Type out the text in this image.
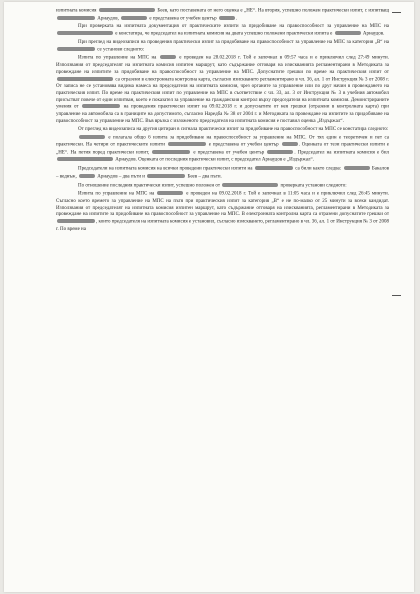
изпитната комисия	Беев, като поставената от него оценка е „НЕ“. На втория, успешно положен практически изпит, с изпитващ  Арнаудов,	е представена от учебен център	.

При проверката на изпитната документация от практическите изпити за придобиване на правоспособност за управление на МПС на  е констатира, че председател на изпитната комисия на двата успешно положени практически изпита е	Арнаудов.

При преглед на видеозапися на проведения практически изпит за придобиване на правоспособност за управление на МПС за категория „В“ на  се установи следното:

Изпита по управление на МПС на	е проведен на 28.02.2018 г. Той е започнал в 09:57 часа и е приключил след 27:49 минути. Използвания от председателят на изпитната комисия изпитен маршрут, като съдържание отговаря на изискванията регламентирани в Методиката за провеждане на изпитите за придобиване на правоспособност за управление на МПС. Допуснатите грешки по време на практическия изпит от  са отразени в електронната контролна карта, съгласно изискването регламентирано в чл. 36, ал. 1 от Инструкция № 3 от 2008 г. От записа не се установява видима намеса на председателя на изпитната комисия, чрез органите за управление или по друг начин в провеждането на практическия изпит. По време на практическия изпит по управление на МПС в съответствие с чл. 33, ал. 3 от Инструкция № 3 в учебния автомобил присъстват повече от един изпитван, което е показател за управление на гражданския контрол върху председателя на изпитната комисия. Демонстрираните умения от	на проведения практически изпит на 09.02.2018 г. и допуснатите от нея грешки (отразени в контролната карта) при управление на автомобила са в границите на допустимото, съгласно Наредба № 38 от 2004 г. и Методиката за провеждане на изпитите за придобиване на правоспособност за управление на МПС. Във връзка с изложеното председателя на изпитната комисия е поставил оценка „Издържал“.

От преглед на видеозаписа на другия цитиран в сигнала практически изпит за придобиване на правоспособност на МПС се констатира следното:

е полагала общо 6 изпита за придобиване на правоспособност за управление на МПС. От тях един е теоретичен и пет са практически. На четири от практическите изпити	е представена от учебен център	. Оценката от тези практически изпити е „НЕ“. На петия поред практически изпит,	е представена от учебен център	. Председател на изпитната комисия е бил  Арнаудов. Оценката от последния практически изпит, с председател Арнаудов е „Издържал“.

Председатели на изпитната комисия на всички проведени практически изпити на	са били както следва:	Бакалов – веднъж,	Арнаудов – два пъти и	Беев – два пъти.

По отношение последния практически изпит, успешно положен от	проверката установи следното:

Изпита по управление на МПС на	е проведен на 09.02.2018 г. Той е започнал в 11:05 часа и е приключил след 26:45 минути. Съгласно което времето за управление на МПС на пътя при практическия изпит за категория „В“ е не по-малко от 25 минути за всеки кандидат. Използвания от председателят на изпитната комисия изпитен маршрут, като съдържание отговаря на изискванията, регламентирани в Методиката за провеждане на изпитите за придобиване на правоспособност за управление на МПС. В електронната контролна карта са отразени допуснатите грешки от , които председателя на изпитната комисия е установил, съгласно изискването, регламентирано в чл. 36, ал. 1 от Инструкция № 3 от 2008 г. По време на
